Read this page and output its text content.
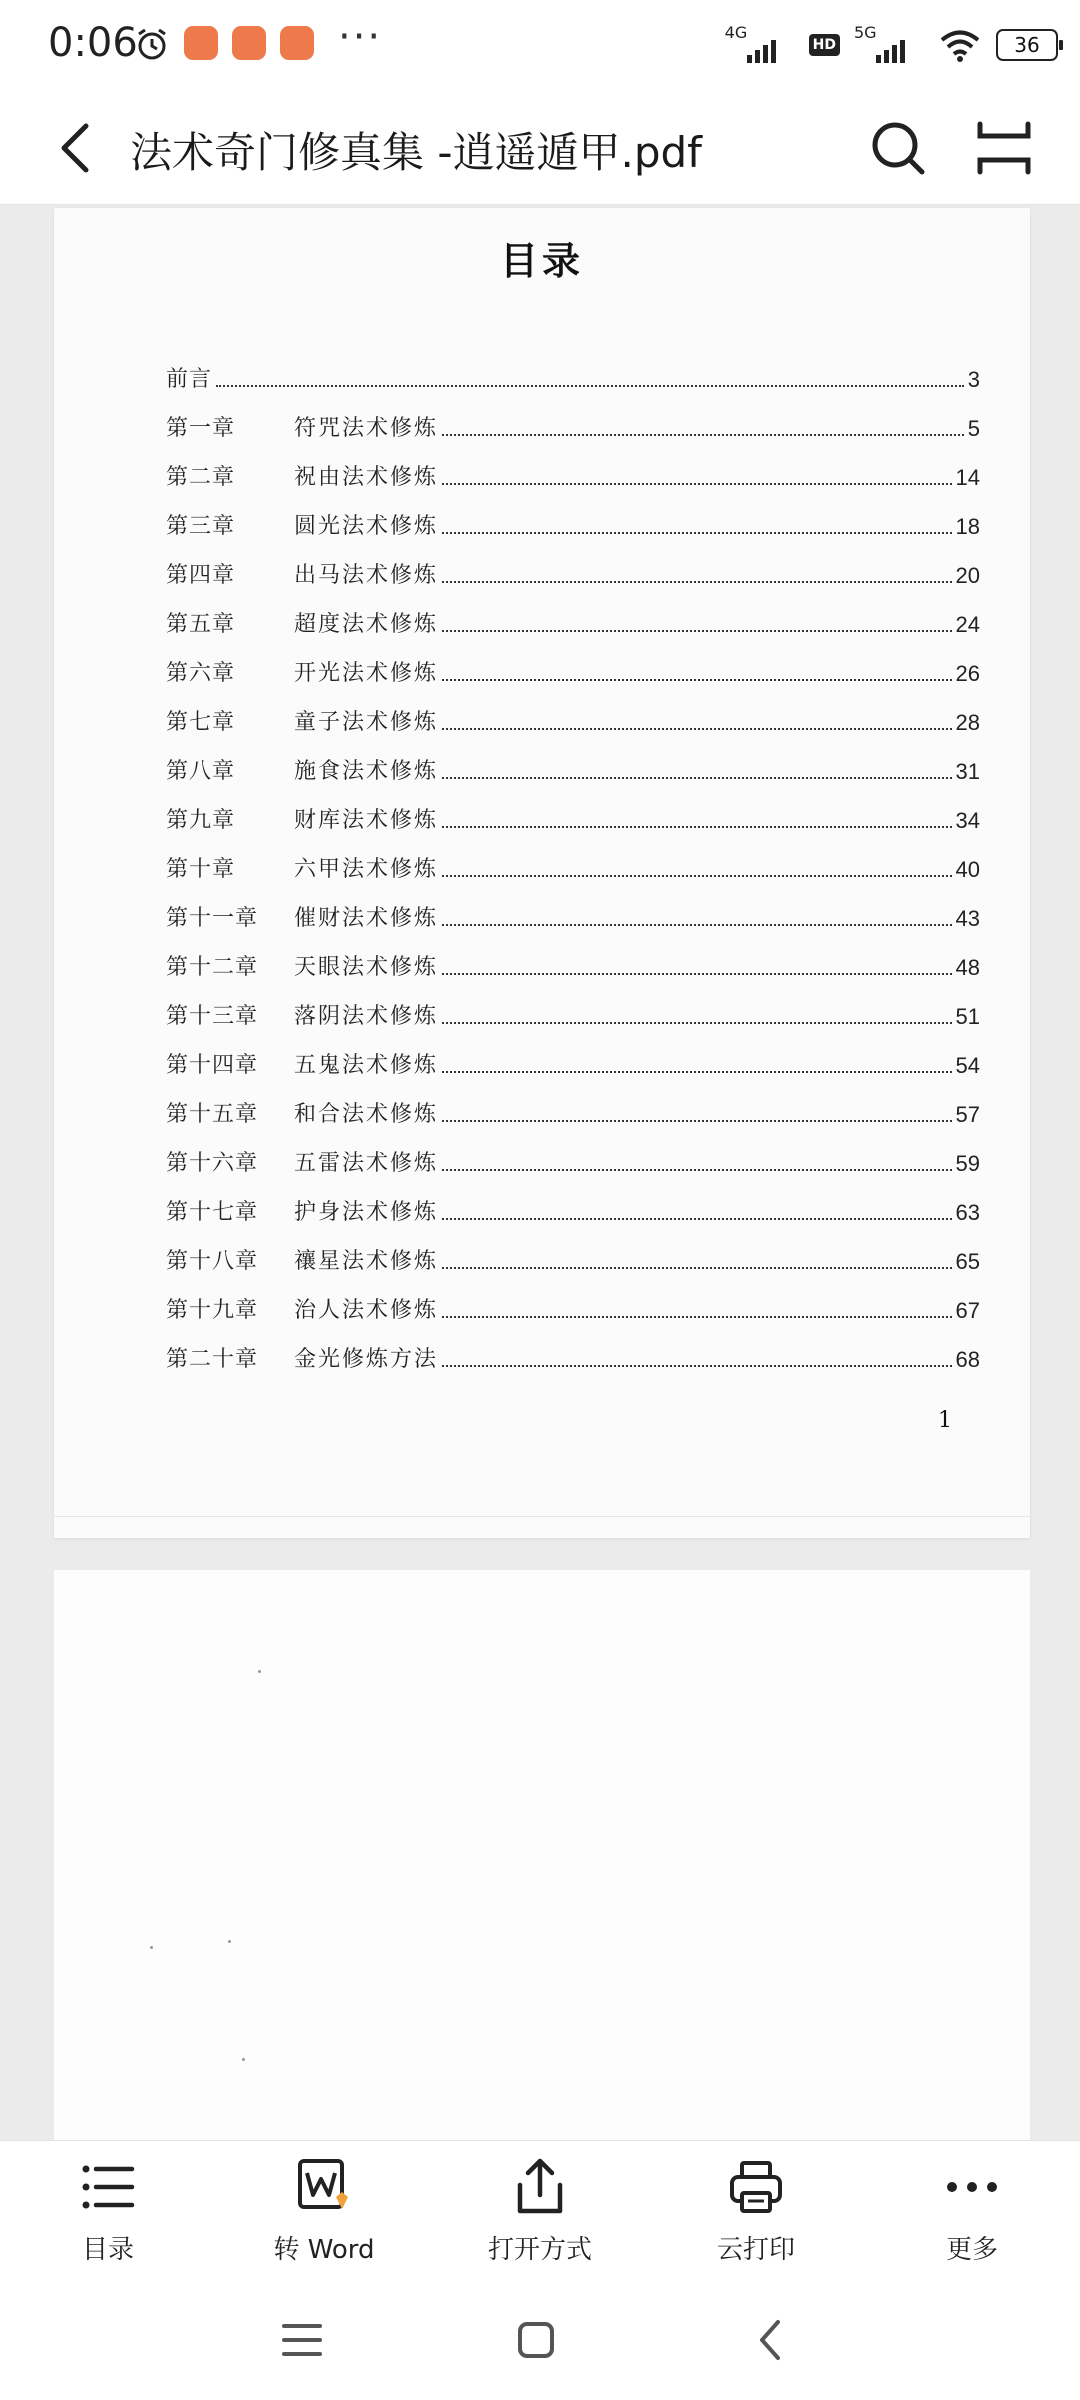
0:06	···	4G
HD
5G
36
法术奇门修真集 -逍遥遁甲.pdf
目录
前言	3
第一章	符咒法术修炼	5
第二章	祝由法术修炼	14
第三章	圆光法术修炼	18
第四章	出马法术修炼	20
第五章	超度法术修炼	24
第六章	开光法术修炼	26
第七章	童子法术修炼	28
第八章	施食法术修炼	31
第九章	财库法术修炼	34
第十章	六甲法术修炼	40
第十一章	催财法术修炼	43
第十二章	天眼法术修炼	48
第十三章	落阴法术修炼	51
第十四章	五鬼法术修炼	54
第十五章	和合法术修炼	57
第十六章	五雷法术修炼	59
第十七章	护身法术修炼	63
第十八章	禳星法术修炼	65
第十九章	治人法术修炼	67
第二十章	金光修炼方法	68
1
目录	转 Word	打开方式	云打印	更多
